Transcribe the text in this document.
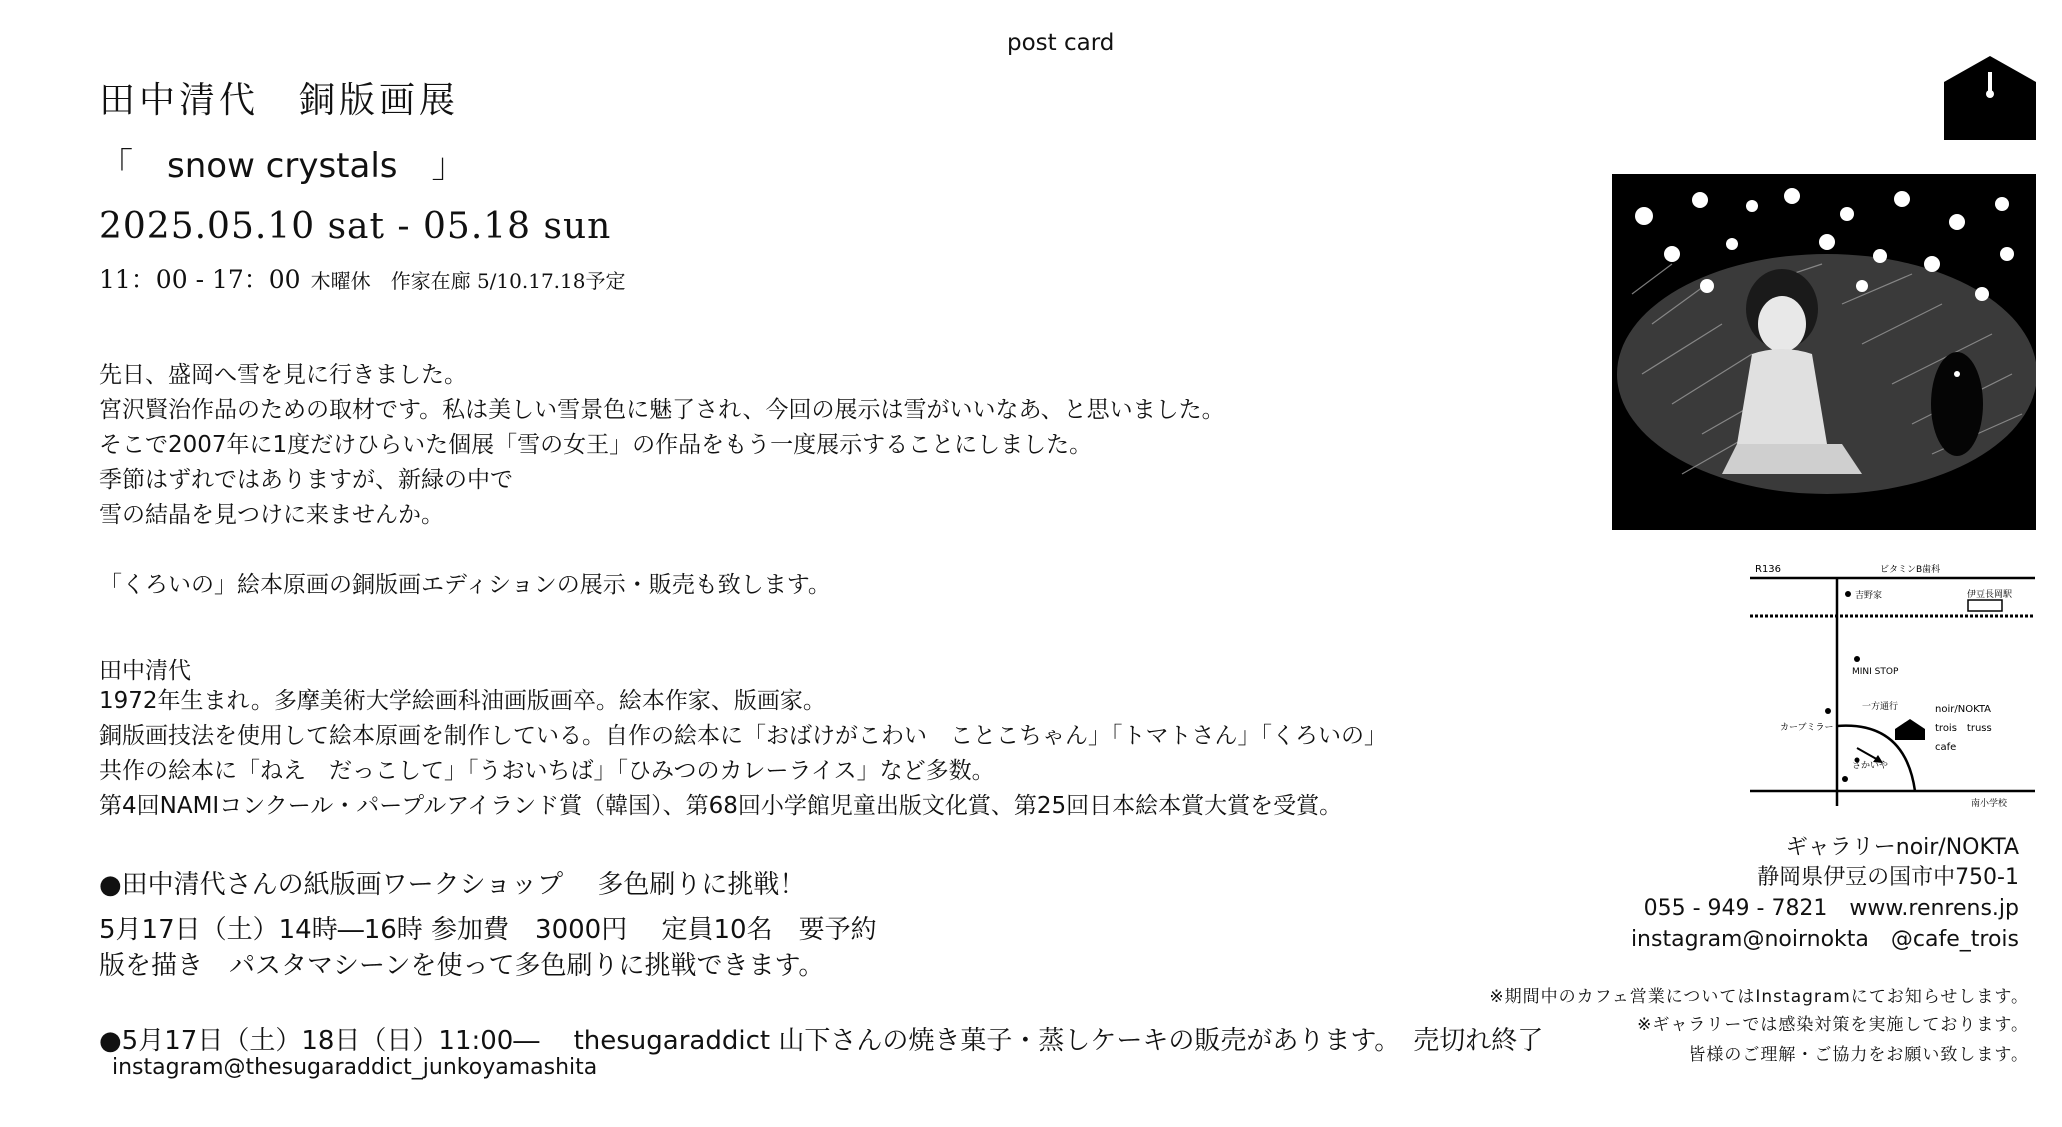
post card
田中清代　銅版画展
「　snow crystals　」
2025.05.10 sat - 05.18 sun
11：00 - 17：00 木曜休　作家在廊 5/10.17.18予定
先日、盛岡へ雪を見に行きました。
宮沢賢治作品のための取材です。私は美しい雪景色に魅了され、今回の展示は雪がいいなあ、と思いました。
そこで2007年に1度だけひらいた個展「雪の女王」の作品をもう一度展示することにしました。
季節はずれではありますが、新緑の中で
雪の結晶を見つけに来ませんか。
「くろいの」絵本原画の銅版画エディションの展示・販売も致します。
田中清代
1972年生まれ。多摩美術大学絵画科油画版画卒。絵本作家、版画家。
銅版画技法を使用して絵本原画を制作している。自作の絵本に「おばけがこわい　ことこちゃん」「トマトさん」「くろいの」
共作の絵本に「ねえ　だっこして」「うおいちば」「ひみつのカレーライス」など多数。
第4回NAMIコンクール・パープルアイランド賞（韓国）、第68回小学館児童出版文化賞、第25回日本絵本賞大賞を受賞。
●田中清代さんの紙版画ワークショップ　 多色刷りに挑戦！
5月17日（土）14時―16時 参加費　3000円　 定員10名　要予約
版を描き　パスタマシーンを使って多色刷りに挑戦できます。
●5月17日（土）18日（日）11:00―　 thesugaraddict 山下さんの焼き菓子・蒸しケーキの販売があります。　売切れ終了
instagram@thesugaraddict_junkoyamashita
R136	ビタミンB歯科
吉野家	伊豆長岡駅
MINI STOP
一方通行
カーブミラー
noir/NOKTA
trois　truss
cafe
さかいや
南小学校
ギャラリーnoir/NOKTA
静岡県伊豆の国市中750-1
055 - 949 - 7821　www.renrens.jp
instagram@noirnokta　@cafe_trois
※期間中のカフェ営業についてはInstagramにてお知らせします。
※ギャラリーでは感染対策を実施しております。
皆様のご理解・ご協力をお願い致します。
